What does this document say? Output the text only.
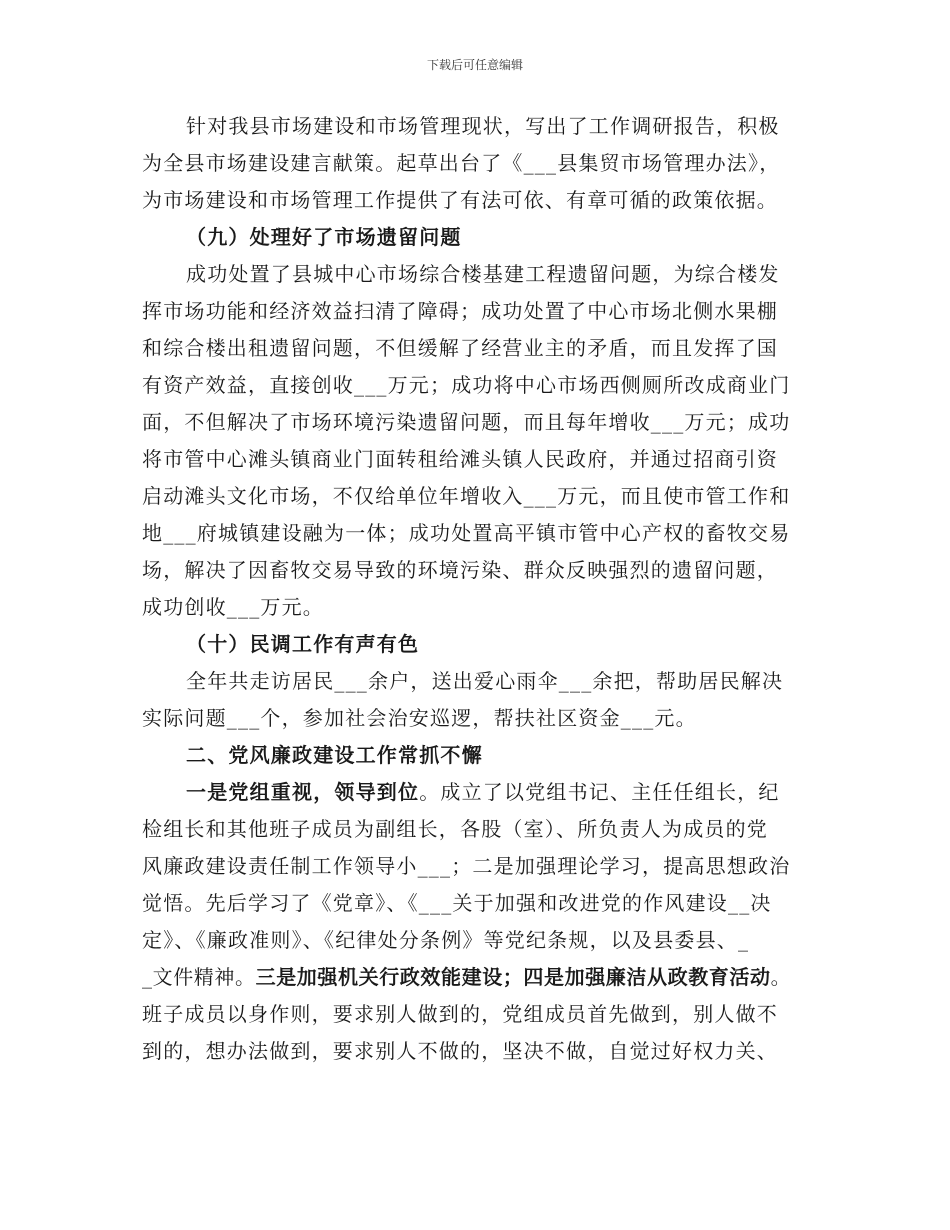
下载后可任意编辑
针对我县市场建设和市场管理现状，写出了工作调研报告，积极
为全县市场建设建言献策。起草出台了《___县集贸市场管理办法》，
为市场建设和市场管理工作提供了有法可依、有章可循的政策依据。
（九）处理好了市场遗留问题
成功处置了县城中心市场综合楼基建工程遗留问题，为综合楼发
挥市场功能和经济效益扫清了障碍；成功处置了中心市场北侧水果棚
和综合楼出租遗留问题，不但缓解了经营业主的矛盾，而且发挥了国
有资产效益，直接创收___万元；成功将中心市场西侧厕所改成商业门
面，不但解决了市场环境污染遗留问题，而且每年增收___万元；成功
将市管中心滩头镇商业门面转租给滩头镇人民政府，并通过招商引资
启动滩头文化市场，不仅给单位年增收入___万元，而且使市管工作和
地___府城镇建设融为一体；成功处置高平镇市管中心产权的畜牧交易
场，解决了因畜牧交易导致的环境污染、群众反映强烈的遗留问题，
成功创收___万元。
（十）民调工作有声有色
全年共走访居民___余户，送出爱心雨伞___余把，帮助居民解决
实际问题___个，参加社会治安巡逻，帮扶社区资金___元。
二、党风廉政建设工作常抓不懈
一是党组重视，领导到位。成立了以党组书记、主任任组长，纪
检组长和其他班子成员为副组长，各股（室）、所负责人为成员的党
风廉政建设责任制工作领导小___；二是加强理论学习，提高思想政治
觉悟。先后学习了《党章》、《___关于加强和改进党的作风建设__决
定》、《廉政准则》、《纪律处分条例》等党纪条规，以及县委县、_
_文件精神。三是加强机关行政效能建设；四是加强廉洁从政教育活动。
班子成员以身作则，要求别人做到的，党组成员首先做到，别人做不
到的，想办法做到，要求别人不做的，坚决不做，自觉过好权力关、
